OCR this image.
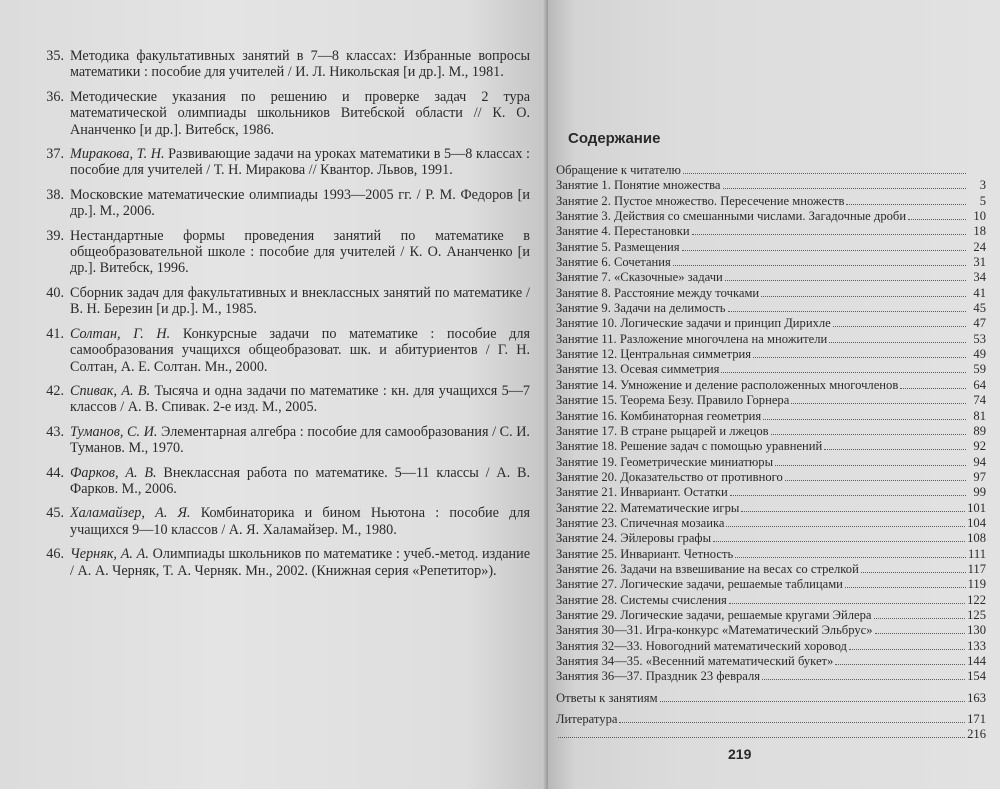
35. Методика факультативных занятий в 7—8 классах: Избранные вопросы математики : пособие для учителей / И. Л. Никольская [и др.]. М., 1981.
36. Методические указания по решению и проверке задач 2 тура математической олимпиады школьников Витебской области // К. О. Ананченко [и др.]. Витебск, 1986.
37. Миракова, Т. Н. Развивающие задачи на уроках математики в 5—8 классах : пособие для учителей / Т. Н. Миракова // Квантор. Львов, 1991.
38. Московские математические олимпиады 1993—2005 гг. / Р. М. Федоров [и др.]. М., 2006.
39. Нестандартные формы проведения занятий по математике в общеобразовательной школе : пособие для учителей / К. О. Ананченко [и др.]. Витебск, 1996.
40. Сборник задач для факультативных и внеклассных занятий по математике / В. Н. Березин [и др.]. М., 1985.
41. Солтан, Г. Н. Конкурсные задачи по математике : пособие для самообразования учащихся общеобразоват. шк. и абитуриентов / Г. Н. Солтан, А. Е. Солтан. Мн., 2000.
42. Спивак, А. В. Тысяча и одна задачи по математике : кн. для учащихся 5—7 классов / А. В. Спивак. 2-е изд. М., 2005.
43. Туманов, С. И. Элементарная алгебра : пособие для самообразования / С. И. Туманов. М., 1970.
44. Фарков, А. В. Внеклассная работа по математике. 5—11 классы / А. В. Фарков. М., 2006.
45. Халамайзер, А. Я. Комбинаторика и бином Ньютона : пособие для учащихся 9—10 классов / А. Я. Халамайзер. М., 1980.
46. Черняк, А. А. Олимпиады школьников по математике : учеб.-метод. издание / А. А. Черняк, Т. А. Черняк. Мн., 2002. (Книжная серия «Репетитор»).
Содержание
Обращение к читателю
Занятие 1. Понятие множества	3
Занятие 2. Пустое множество. Пересечение множеств	5
Занятие 3. Действия со смешанными числами. Загадочные дроби	10
Занятие 4. Перестановки	18
Занятие 5. Размещения	24
Занятие 6. Сочетания	31
Занятие 7. «Сказочные» задачи	34
Занятие 8. Расстояние между точками	41
Занятие 9. Задачи на делимость	45
Занятие 10. Логические задачи и принцип Дирихле	47
Занятие 11. Разложение многочлена на множители	53
Занятие 12. Центральная симметрия	49
Занятие 13. Осевая симметрия	59
Занятие 14. Умножение и деление расположенных многочленов	64
Занятие 15. Теорема Безу. Правило Горнера	74
Занятие 16. Комбинаторная геометрия	81
Занятие 17. В стране рыцарей и лжецов	89
Занятие 18. Решение задач с помощью уравнений	92
Занятие 19. Геометрические миниатюры	94
Занятие 20. Доказательство от противного	97
Занятие 21. Инвариант. Остатки	99
Занятие 22. Математические игры	101
Занятие 23. Спичечная мозаика	104
Занятие 24. Эйлеровы графы	108
Занятие 25. Инвариант. Четность	111
Занятие 26. Задачи на взвешивание на весах со стрелкой	117
Занятие 27. Логические задачи, решаемые таблицами	119
Занятие 28. Системы счисления	122
Занятие 29. Логические задачи, решаемые кругами Эйлера	125
Занятия 30—31. Игра-конкурс «Математический Эльбрус»	130
Занятия 32—33. Новогодний математический хоровод	133
Занятия 34—35. «Весенний математический букет»	144
Занятия 36—37. Праздник 23 февраля	154
Ответы к занятиям	163
Литература	171
216
219
